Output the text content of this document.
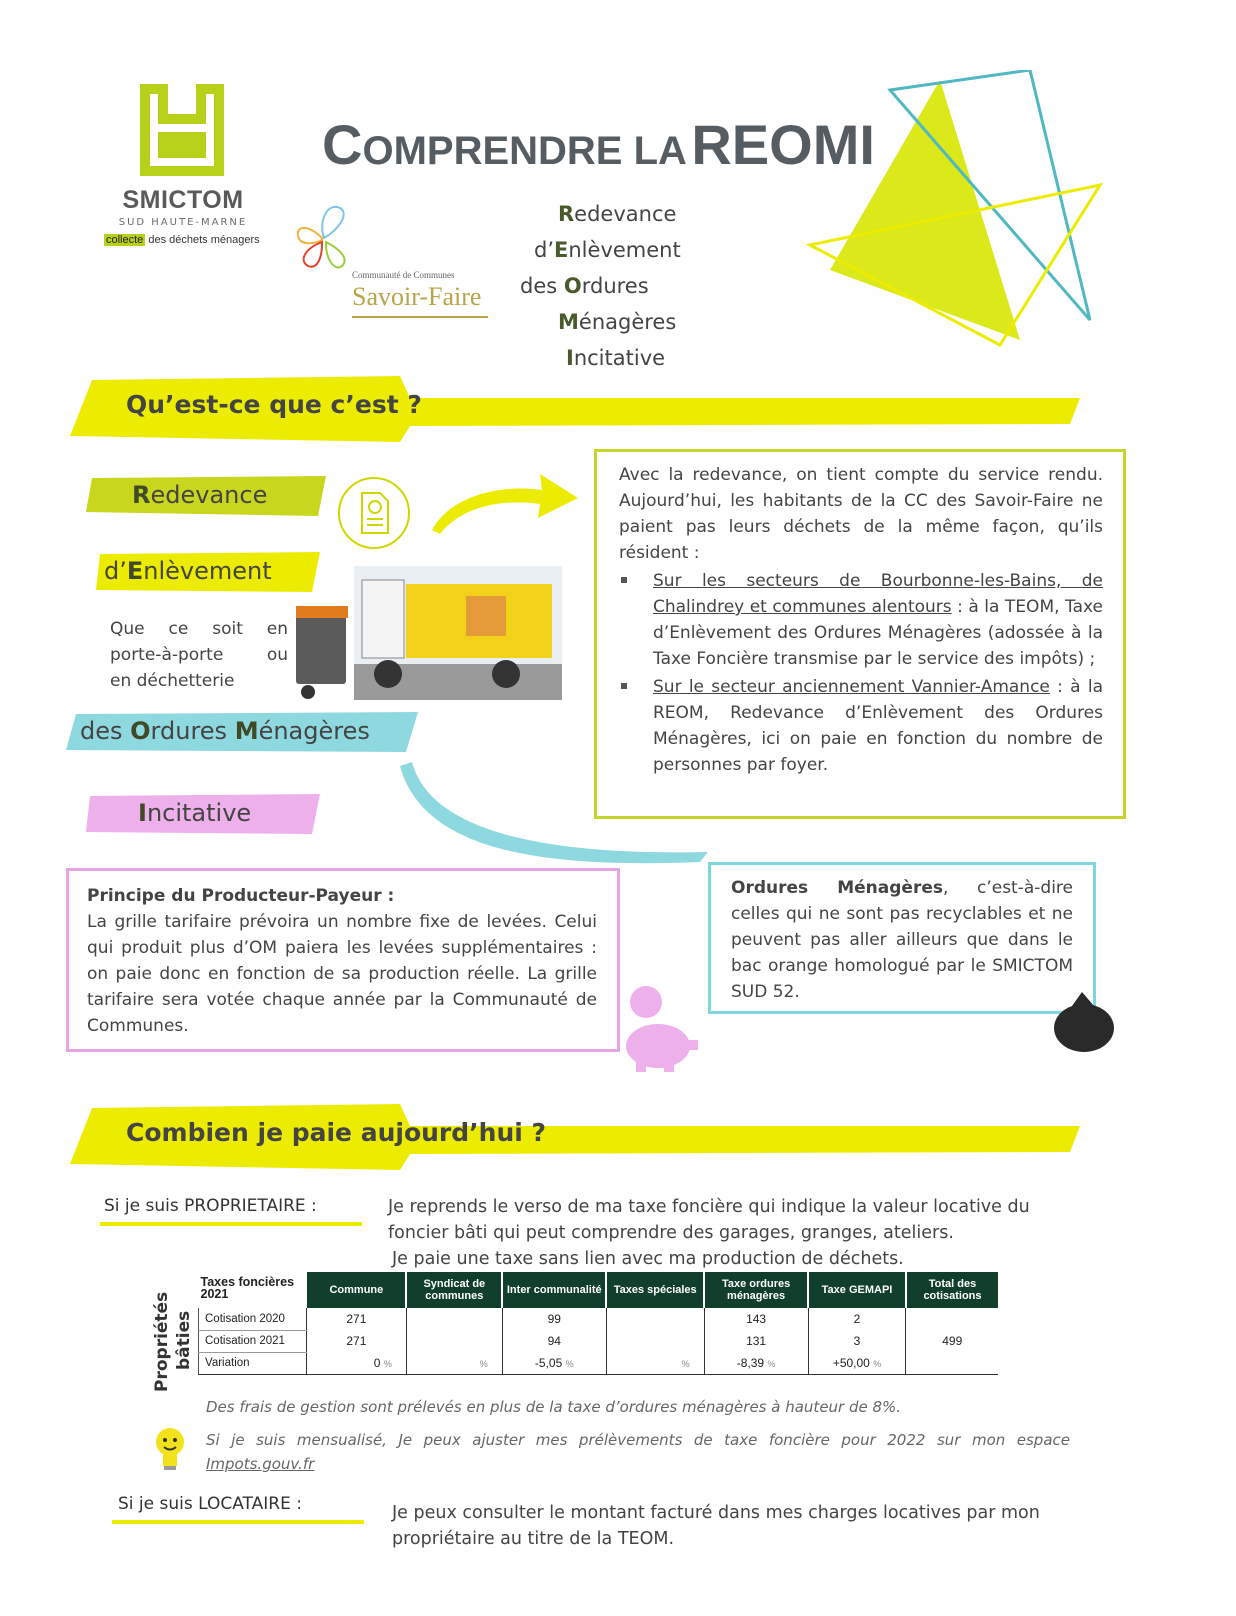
SMICTOM
SUD HAUTE-MARNE
collecte des déchets ménagers
Communauté de Communes
Savoir-Faire
COMPRENDRE LA REOMI
Redevance
d’Enlèvement
des Ordures
Ménagères
Incitative
Qu’est-ce que c’est ?
Redevance
d’Enlèvement
Que ce soit en
porte-à-porte	ou
en déchetterie
des Ordures Ménagères
Incitative

Avec la redevance, on tient compte du service rendu. Aujourd’hui, les habitants de la CC des Savoir-Faire ne paient pas leurs déchets de la même façon, qu’ils résident :

Sur les secteurs de Bourbonne-les-Bains, de Chalindrey et communes alentours : à la TEOM, Taxe d’Enlèvement des Ordures Ménagères (adossée à la Taxe Foncière transmise par le service des impôts) ;
Sur le secteur anciennement Vannier-Amance : à la REOM, Redevance d’Enlèvement des Ordures Ménagères, ici on paie en fonction du nombre de personnes par foyer.

Principe du Producteur-Payeur :

La grille tarifaire prévoira un nombre fixe de levées. Celui qui produit plus d’OM paiera les levées supplémentaires : on paie donc en fonction de sa production réelle. La grille tarifaire sera votée chaque année par la Communauté de Communes.

Ordures Ménagères, c’est-à-dire celles qui ne sont pas recyclables et ne peuvent pas aller ailleurs que dans le bac orange homologué par le SMICTOM SUD 52.

Combien je paie aujourd’hui ?
Si je suis PROPRIETAIRE :	Je reprends le verso de ma taxe foncière qui indique la valeur locative du foncier bâti qui peut comprendre des garages, granges, ateliers.

Je paie une taxe sans lien avec ma production de déchets.

Propriétés bâties
Taxes foncières 2021	Commune	Syndicat de communes	Inter communalité	Taxes spéciales	Taxe ordures ménagères	Taxe GEMAPI	Total des cotisations
Cotisation 2020	271		99		143	2	
Cotisation 2021	271		94		131	3	499
Variation	0 %	%	-5,05 %	%	-8,39 %	+50,00 %	
Des frais de gestion sont prélevés en plus de la taxe d’ordures ménagères à hauteur de 8%.
Si je suis mensualisé, Je peux ajuster mes prélèvements de taxe foncière pour 2022 sur mon espace
Impots.gouv.fr
Si je suis LOCATAIRE :	Je peux consulter le montant facturé dans mes charges locatives par mon propriétaire au titre de la TEOM.
